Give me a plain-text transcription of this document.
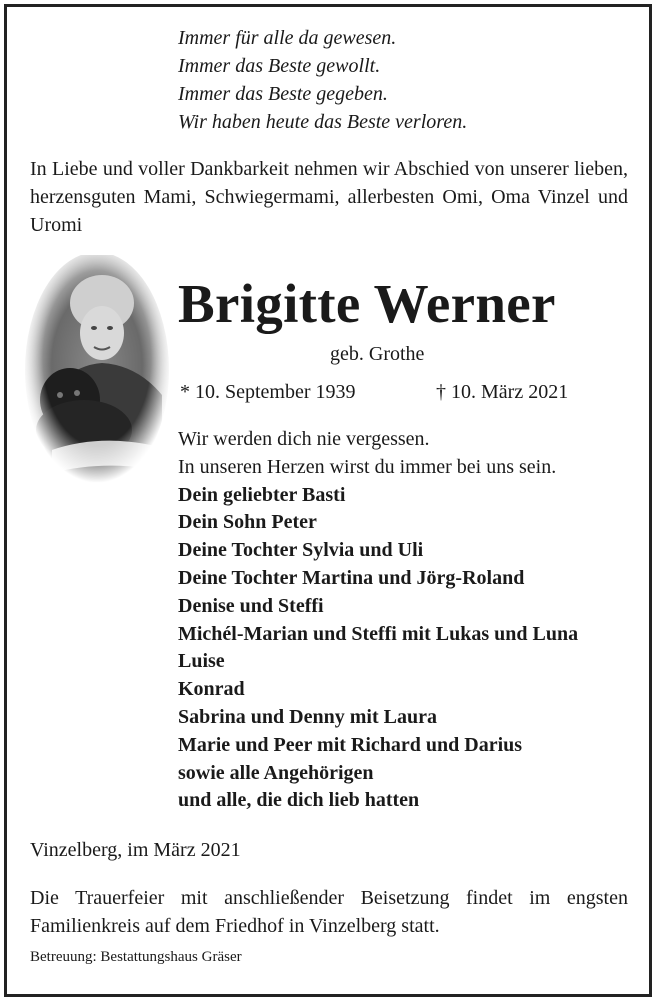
Immer für alle da gewesen.
Immer das Beste gewollt.
Immer das Beste gegeben.
Wir haben heute das Beste verloren.
In Liebe und voller Dankbarkeit nehmen wir Abschied von unserer lieben, herzensguten Mami, Schwiegermami, allerbesten Omi, Oma Vinzel und Uromi
Brigitte Werner
geb. Grothe
* 10. September 1939	† 10. März 2021
Wir werden dich nie vergessen.
In unseren Herzen wirst du immer bei uns sein.
Dein geliebter Basti
Dein Sohn Peter
Deine Tochter Sylvia und Uli
Deine Tochter Martina und Jörg-Roland
Denise und Steffi
Michél-Marian und Steffi mit Lukas und Luna
Luise
Konrad
Sabrina und Denny mit Laura
Marie und Peer mit Richard und Darius
sowie alle Angehörigen
und alle, die dich lieb hatten
Vinzelberg, im März 2021
Die Trauerfeier mit anschließender Beisetzung findet im engsten Familienkreis auf dem Friedhof in Vinzelberg statt.
Betreuung: Bestattungshaus Gräser
